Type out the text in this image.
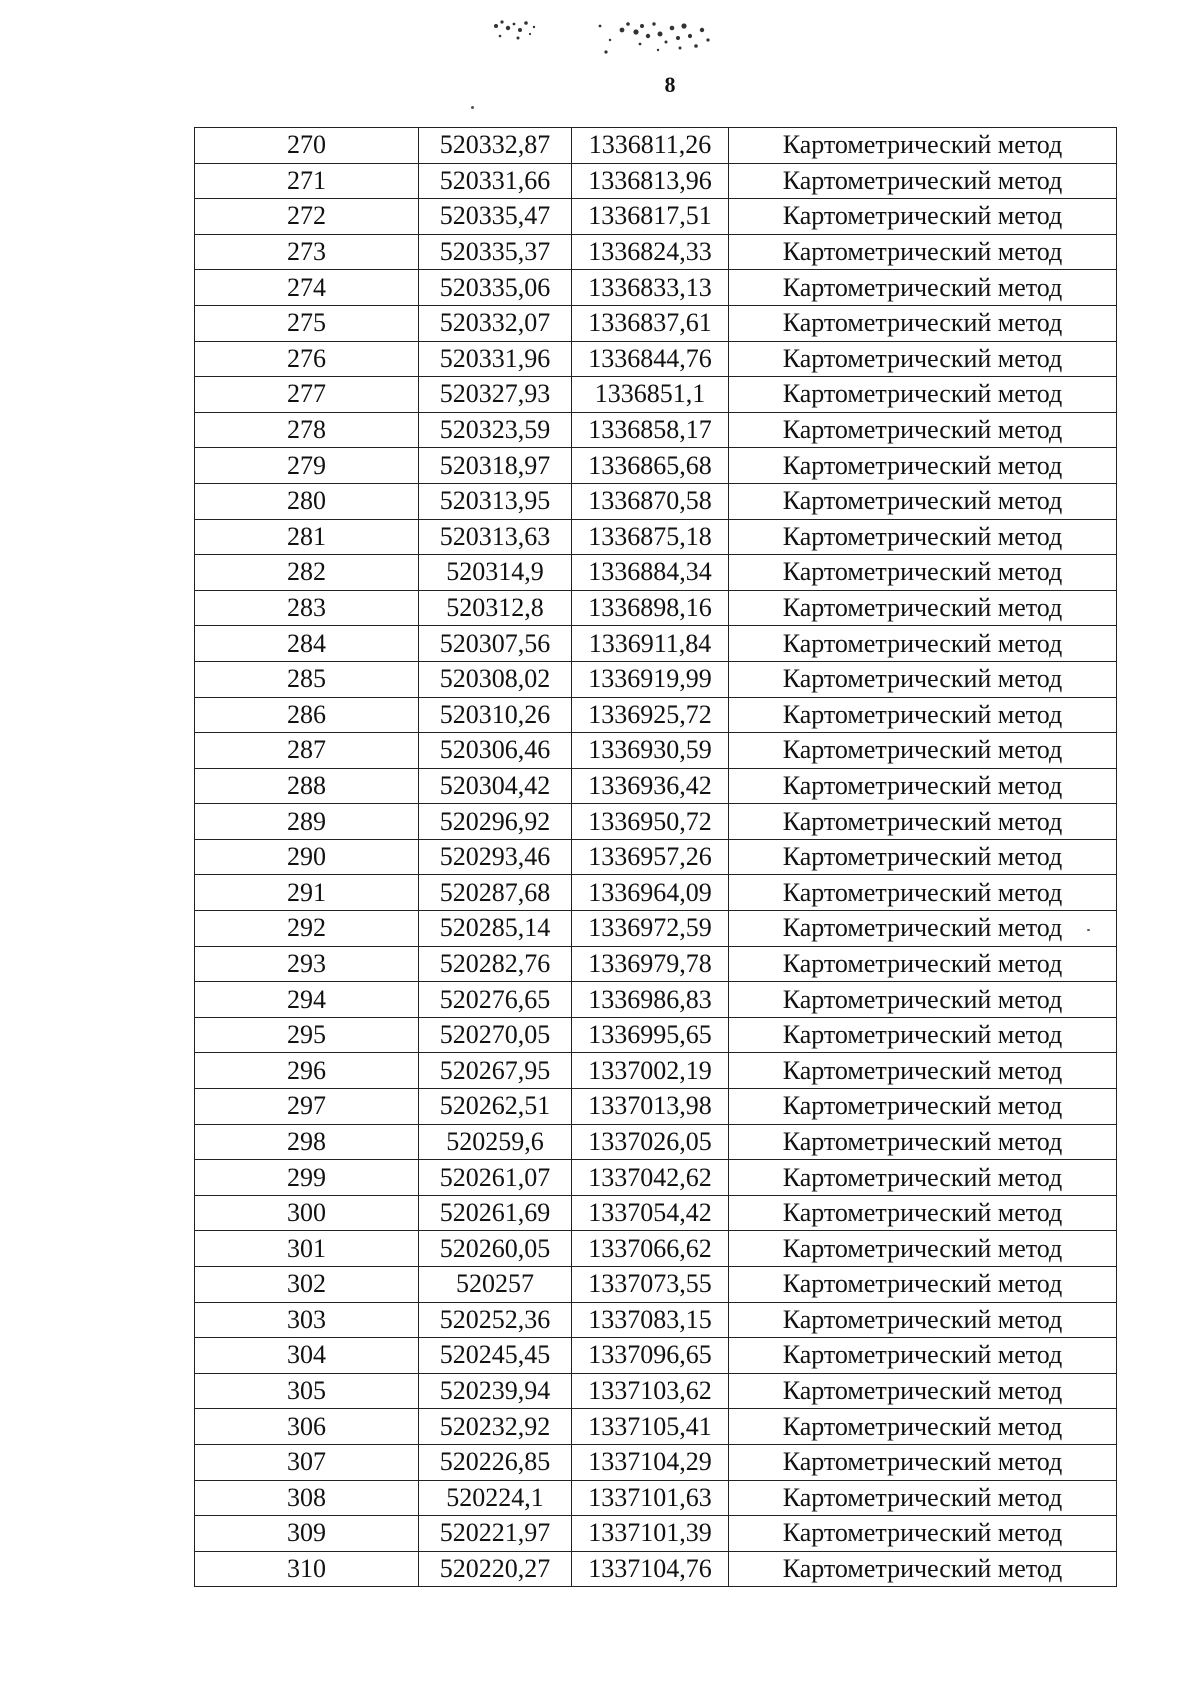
8
270	520332,87	1336811,26	Картометрический метод
271	520331,66	1336813,96	Картометрический метод
272	520335,47	1336817,51	Картометрический метод
273	520335,37	1336824,33	Картометрический метод
274	520335,06	1336833,13	Картометрический метод
275	520332,07	1336837,61	Картометрический метод
276	520331,96	1336844,76	Картометрический метод
277	520327,93	1336851,1	Картометрический метод
278	520323,59	1336858,17	Картометрический метод
279	520318,97	1336865,68	Картометрический метод
280	520313,95	1336870,58	Картометрический метод
281	520313,63	1336875,18	Картометрический метод
282	520314,9	1336884,34	Картометрический метод
283	520312,8	1336898,16	Картометрический метод
284	520307,56	1336911,84	Картометрический метод
285	520308,02	1336919,99	Картометрический метод
286	520310,26	1336925,72	Картометрический метод
287	520306,46	1336930,59	Картометрический метод
288	520304,42	1336936,42	Картометрический метод
289	520296,92	1336950,72	Картометрический метод
290	520293,46	1336957,26	Картометрический метод
291	520287,68	1336964,09	Картометрический метод
292	520285,14	1336972,59	Картометрический метод
293	520282,76	1336979,78	Картометрический метод
294	520276,65	1336986,83	Картометрический метод
295	520270,05	1336995,65	Картометрический метод
296	520267,95	1337002,19	Картометрический метод
297	520262,51	1337013,98	Картометрический метод
298	520259,6	1337026,05	Картометрический метод
299	520261,07	1337042,62	Картометрический метод
300	520261,69	1337054,42	Картометрический метод
301	520260,05	1337066,62	Картометрический метод
302	520257	1337073,55	Картометрический метод
303	520252,36	1337083,15	Картометрический метод
304	520245,45	1337096,65	Картометрический метод
305	520239,94	1337103,62	Картометрический метод
306	520232,92	1337105,41	Картометрический метод
307	520226,85	1337104,29	Картометрический метод
308	520224,1	1337101,63	Картометрический метод
309	520221,97	1337101,39	Картометрический метод
310	520220,27	1337104,76	Картометрический метод
